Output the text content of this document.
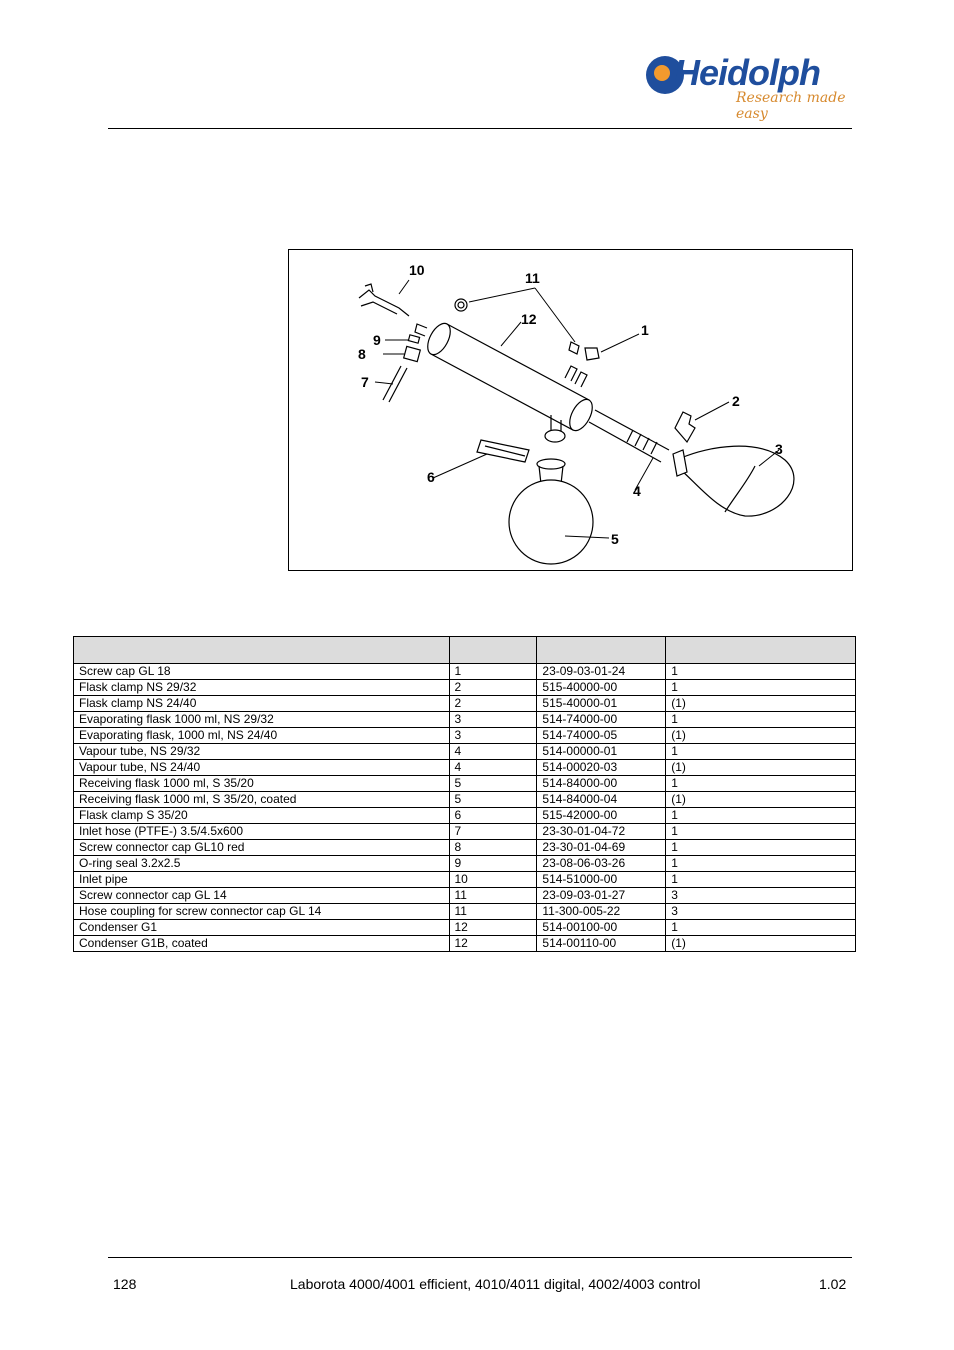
Heidolph
Research made easy
10	11
12
1
9
8
7
2
3
6
4
5

Screw cap GL 18	1	23-09-03-01-24	1
Flask clamp NS 29/32	2	515-40000-00	1
Flask clamp NS 24/40	2	515-40000-01	(1)
Evaporating flask 1000 ml, NS 29/32	3	514-74000-00	1
Evaporating flask, 1000 ml, NS 24/40	3	514-74000-05	(1)
Vapour tube, NS 29/32	4	514-00000-01	1
Vapour tube, NS 24/40	4	514-00020-03	(1)
Receiving flask 1000 ml, S 35/20	5	514-84000-00	1
Receiving flask 1000 ml, S 35/20, coated	5	514-84000-04	(1)
Flask clamp S 35/20	6	515-42000-00	1
Inlet hose (PTFE-) 3.5/4.5x600	7	23-30-01-04-72	1
Screw connector cap GL10 red	8	23-30-01-04-69	1
O-ring seal 3.2x2.5	9	23-08-06-03-26	1
Inlet pipe	10	514-51000-00	1
Screw connector cap GL 14	11	23-09-03-01-27	3
Hose coupling for screw connector cap GL 14	11	11-300-005-22	3
Condenser G1	12	514-00100-00	1
Condenser G1B, coated	12	514-00110-00	(1)
128	Laborota 4000/4001 efficient, 4010/4011 digital, 4002/4003 control	1.02
